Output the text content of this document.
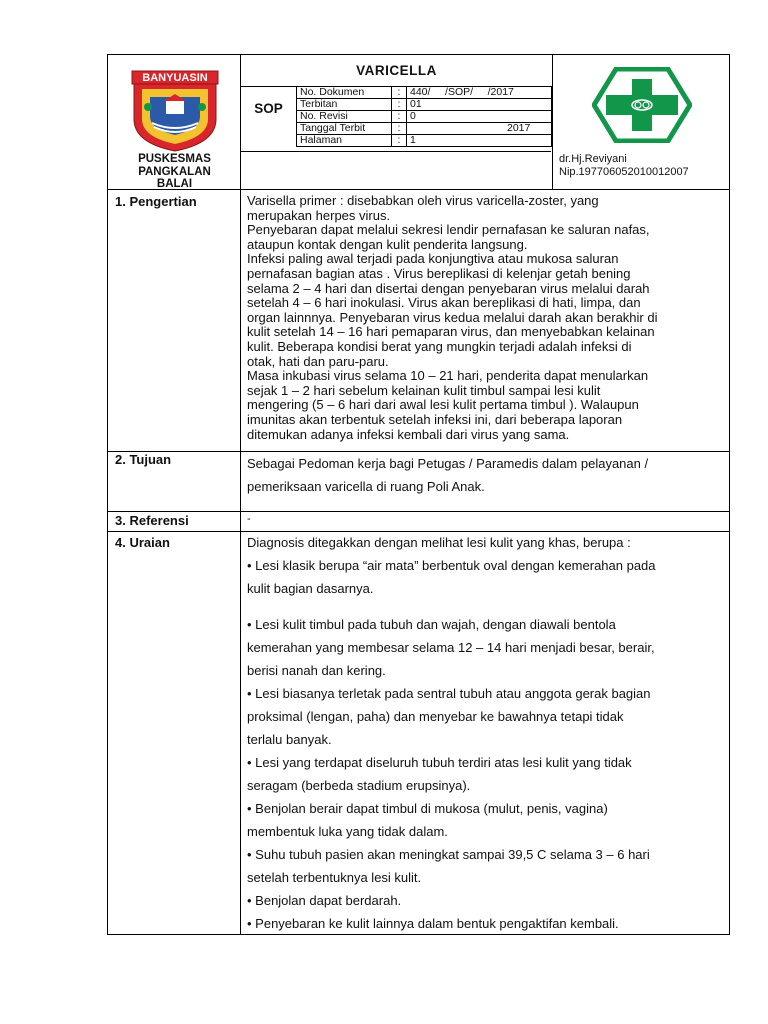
BANYUASIN
PUSKESMAS
PANGKALAN
BALAI
VARICELLA
SOP
No. Dokumen	:	440/     /SOP/     /2017
Terbitan	:	01
No. Revisi	:	0
Tanggal Terbit	:	2017
Halaman	:	1
dr.Hj.Reviyani
Nip.197706052010012007
1. Pengertian	Varisella primer : disebabkan oleh virus varicella-zoster, yang

merupakan herpes virus.

Penyebaran dapat melalui sekresi lendir pernafasan ke saluran nafas,

ataupun kontak dengan kulit penderita langsung.

Infeksi paling awal terjadi pada konjungtiva atau mukosa saluran

pernafasan bagian atas . Virus bereplikasi di kelenjar getah bening

selama 2 – 4 hari dan disertai dengan penyebaran virus melalui darah

setelah 4 – 6 hari inokulasi. Virus akan bereplikasi di hati, limpa, dan

organ lainnnya. Penyebaran virus kedua melalui darah akan berakhir di

kulit setelah 14 – 16 hari pemaparan virus, dan menyebabkan kelainan

kulit. Beberapa kondisi berat yang mungkin terjadi adalah infeksi di

otak, hati dan paru-paru.

Masa inkubasi virus selama 10 – 21 hari, penderita dapat menularkan

sejak 1 – 2 hari sebelum kelainan kulit timbul sampai lesi kulit

mengering (5 – 6 hari dari awal lesi kulit pertama timbul ). Walaupun

imunitas akan terbentuk setelah infeksi ini, dari beberapa laporan

ditemukan adanya infeksi kembali dari virus yang sama.

2. Tujuan	Sebagai Pedoman kerja bagi Petugas / Paramedis dalam pelayanan /

pemeriksaan varicella di ruang Poli Anak.

3. Referensi	-
4. Uraian	Diagnosis ditegakkan dengan melihat lesi kulit yang khas, berupa :

• Lesi klasik berupa “air mata” berbentuk oval dengan kemerahan pada

kulit bagian dasarnya.

• Lesi kulit timbul pada tubuh dan wajah, dengan diawali bentola

kemerahan yang membesar selama 12 – 14 hari menjadi besar, berair,

berisi nanah dan kering.

• Lesi biasanya terletak pada sentral tubuh atau anggota gerak bagian

proksimal (lengan, paha) dan menyebar ke bawahnya tetapi tidak

terlalu banyak.

• Lesi yang terdapat diseluruh tubuh terdiri atas lesi kulit yang tidak

seragam (berbeda stadium erupsinya).

• Benjolan berair dapat timbul di mukosa (mulut, penis, vagina)

membentuk luka yang tidak dalam.

• Suhu tubuh pasien akan meningkat sampai 39,5 C selama 3 – 6 hari

setelah terbentuknya lesi kulit.

• Benjolan dapat berdarah.

• Penyebaran ke kulit lainnya dalam bentuk pengaktifan kembali.
